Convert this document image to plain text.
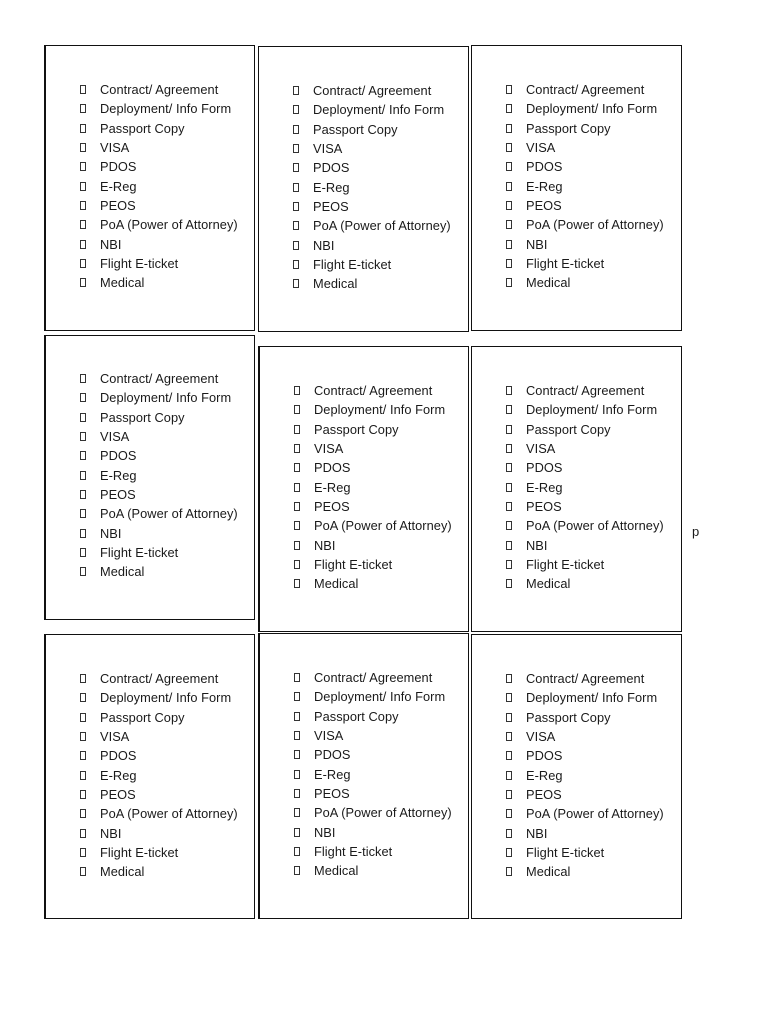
Contract/ Agreement
Deployment/ Info Form
Passport Copy
VISA
PDOS
E-Reg
PEOS
PoA (Power of Attorney)
NBI
Flight E-ticket
Medical
Contract/ Agreement
Deployment/ Info Form
Passport Copy
VISA
PDOS
E-Reg
PEOS
PoA (Power of Attorney)
NBI
Flight E-ticket
Medical
Contract/ Agreement
Deployment/ Info Form
Passport Copy
VISA
PDOS
E-Reg
PEOS
PoA (Power of Attorney)
NBI
Flight E-ticket
Medical
Contract/ Agreement
Deployment/ Info Form
Passport Copy
VISA
PDOS
E-Reg
PEOS
PoA (Power of Attorney)
NBI
Flight E-ticket
Medical
Contract/ Agreement
Deployment/ Info Form
Passport Copy
VISA
PDOS
E-Reg
PEOS
PoA (Power of Attorney)
NBI
Flight E-ticket
Medical
Contract/ Agreement
Deployment/ Info Form
Passport Copy
VISA
PDOS
E-Reg
PEOS
PoA (Power of Attorney)
NBI
Flight E-ticket
Medical
Contract/ Agreement
Deployment/ Info Form
Passport Copy
VISA
PDOS
E-Reg
PEOS
PoA (Power of Attorney)
NBI
Flight E-ticket
Medical
Contract/ Agreement
Deployment/ Info Form
Passport Copy
VISA
PDOS
E-Reg
PEOS
PoA (Power of Attorney)
NBI
Flight E-ticket
Medical
Contract/ Agreement
Deployment/ Info Form
Passport Copy
VISA
PDOS
E-Reg
PEOS
PoA (Power of Attorney)
NBI
Flight E-ticket
Medical
p
